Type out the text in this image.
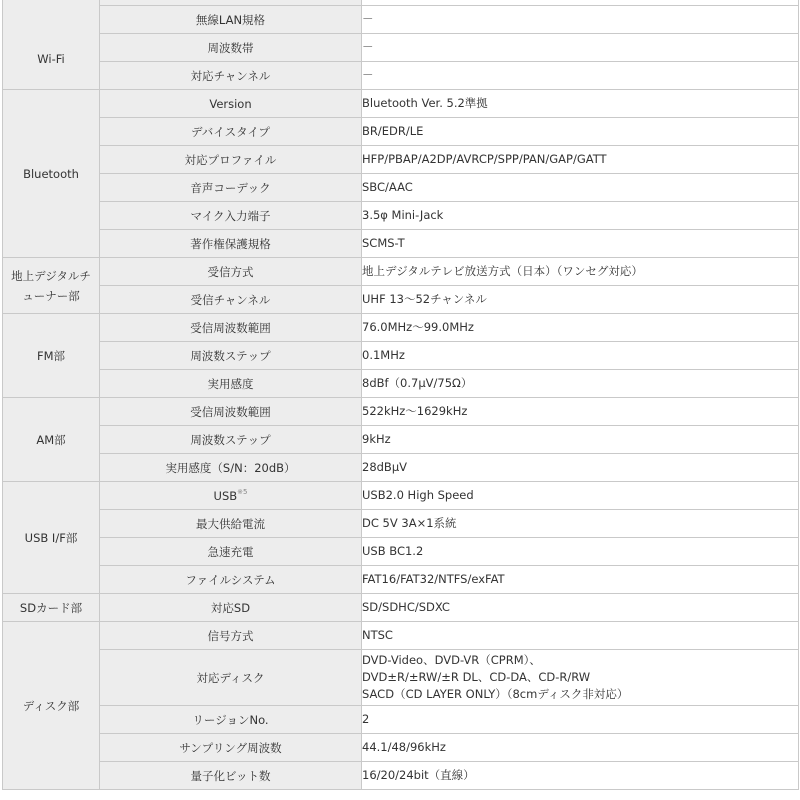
Wi-Fi		

	無線LAN規格	－

	周波数帯	－

	対応チャンネル	－

Bluetooth	Version	Bluetooth Ver. 5.2準拠

	デバイスタイプ	BR/EDR/LE

	対応プロファイル	HFP/PBAP/A2DP/AVRCP/SPP/PAN/GAP/GATT

	音声コーデック	SBC/AAC

	マイク入力端子	3.5φ Mini-Jack

	著作権保護規格	SCMS-T

地上デジタルチ
ューナー部	受信方式	地上デジタルテレビ放送方式（日本）（ワンセグ対応）

	受信チャンネル	UHF 13～52チャンネル

FM部	受信周波数範囲	76.0MHz～99.0MHz

	周波数ステップ	0.1MHz

	実用感度	8dBf（0.7μV/75Ω）

AM部	受信周波数範囲	522kHz～1629kHz

	周波数ステップ	9kHz

	実用感度（S/N：20dB）	28dBμV

USB I/F部	USB$^{※5}$	USB2.0 High Speed

	最大供給電流	DC 5V 3A×1系統

	急速充電	USB BC1.2

	ファイルシステム	FAT16/FAT32/NTFS/exFAT

SDカード部	対応SD	SD/SDHC/SDXC

ディスク部	信号方式	NTSC

	対応ディスク	DVD-Video、DVD-VR（CPRM）、
DVD±R/±RW/±R DL、CD-DA、CD-R/RW
SACD（CD LAYER ONLY）（8cmディスク非対応）

	リージョンNo.	2

	サンプリング周波数	44.1/48/96kHz

	量子化ビット数	16/20/24bit（直線）
